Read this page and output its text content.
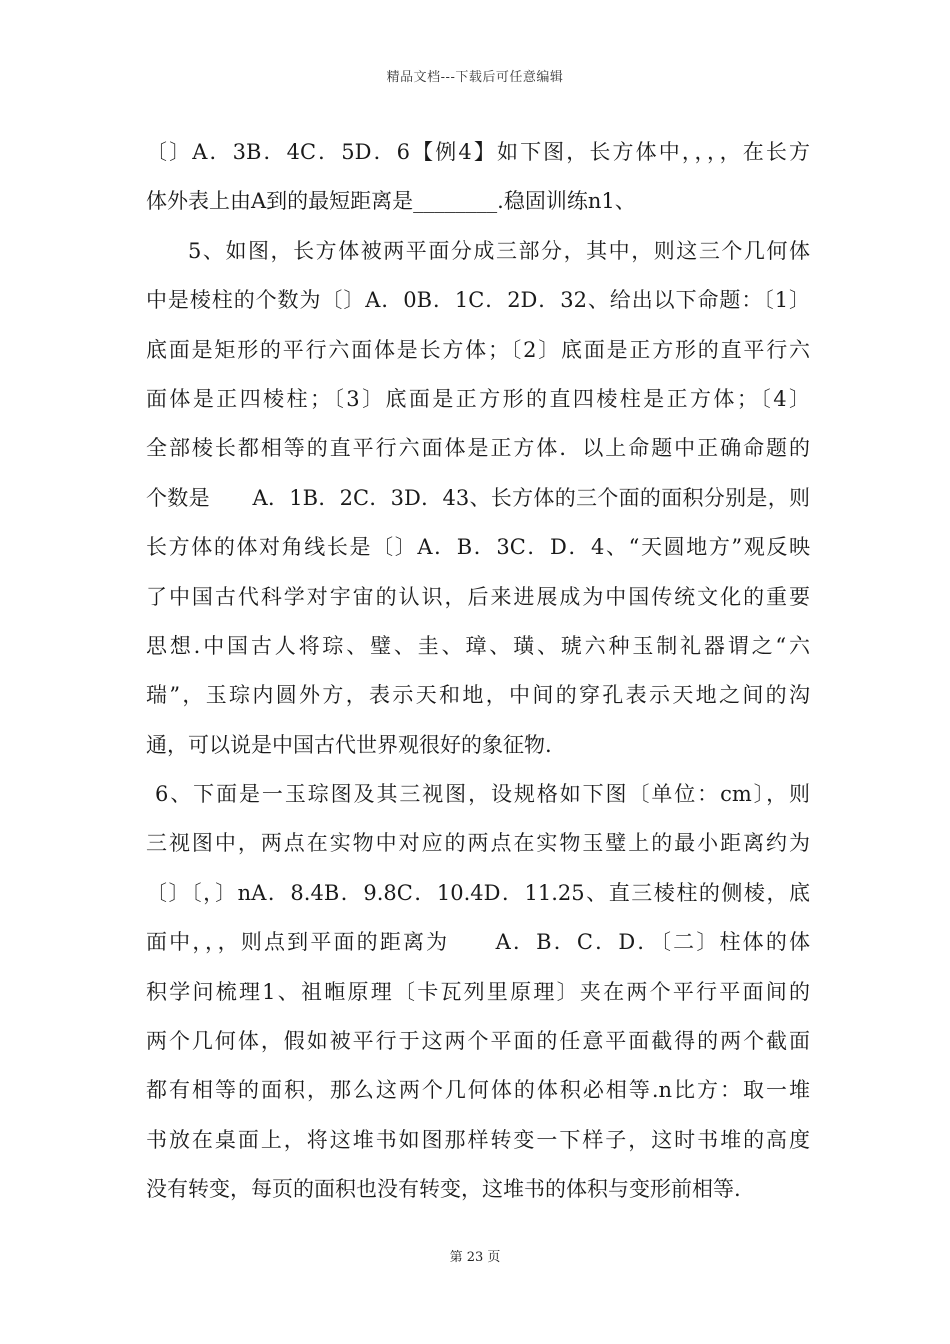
精品文档---下载后可任意编辑
〔〕A．3B．4C．5D．6【例4】如下图，长方体中，，，，在长方
体外表上由A到的最短距离是________.稳固训练n1、
5、如图，长方体被两平面分成三部分，其中，则这三个几何体
中是棱柱的个数为〔〕A．0B．1C．2D．32、给出以下命题：〔1〕
底面是矩形的平行六面体是长方体；〔2〕底面是正方形的直平行六
面体是正四棱柱；〔3〕底面是正方形的直四棱柱是正方体；〔4〕
全部棱长都相等的直平行六面体是正方体．以上命题中正确命题的
个数是　　A．1B．2C．3D．43、长方体的三个面的面积分别是，则
长方体的体对角线长是〔〕A．B．3C．D．4、“天圆地方”观反映
了中国古代科学对宇宙的认识，后来进展成为中国传统文化的重要
思想.中国古人将琮、璧、圭、璋、璜、琥六种玉制礼器谓之“六
瑞”，玉琮内圆外方，表示天和地，中间的穿孔表示天地之间的沟
通，可以说是中国古代世界观很好的象征物.
6、下面是一玉琮图及其三视图，设规格如下图〔单位：cm〕，则
三视图中，两点在实物中对应的两点在实物玉璧上的最小距离约为
〔〕〔，〕nA．8.4B．9.8C．10.4D．11.25、直三棱柱的侧棱，底
面中，，，则点到平面的距离为　　A．B．C．D．〔二〕柱体的体
积学问梳理1、祖暅原理〔卡瓦列里原理〕夹在两个平行平面间的
两个几何体，假如被平行于这两个平面的任意平面截得的两个截面
都有相等的面积，那么这两个几何体的体积必相等.n比方：取一堆
书放在桌面上，将这堆书如图那样转变一下样子，这时书堆的高度
没有转变，每页的面积也没有转变，这堆书的体积与变形前相等.
第 23 页
